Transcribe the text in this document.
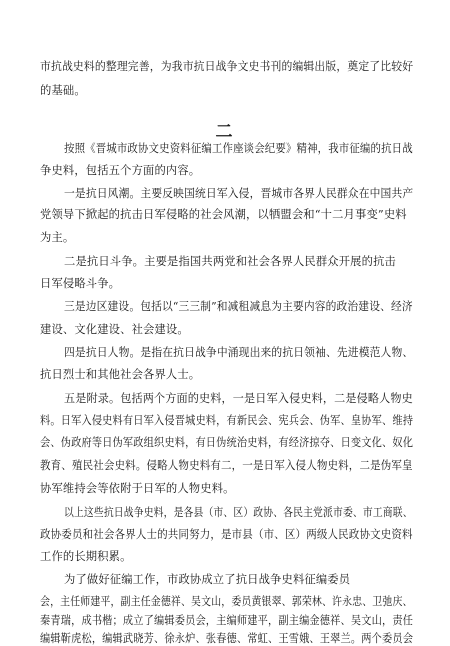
二
市抗战史料的整理完善，为我市抗日战争文史书刊的编辑出版，奠定了比较好
的基础。
按照《晋城市政协文史资料征编工作座谈会纪要》精神，我市征编的抗日战
争史料，包括五个方面的内容。
一是抗日风潮。主要反映国统日军入侵，晋城市各界人民群众在中国共产
党领导下掀起的抗击日军侵略的社会风潮，以牺盟会和“十二月事变”史料
为主。
二是抗日斗争。主要是指国共两党和社会各界人民群众开展的抗击
日军侵略斗争。
三是边区建设。包括以“三三制”和减租减息为主要内容的政治建设、经济
建设、文化建设、社会建设。
四是抗日人物。是指在抗日战争中涌现出来的抗日领袖、先进模范人物、
抗日烈士和其他社会各界人士。
五是附录。包括两个方面的史料，一是日军入侵史料，二是侵略人物史
料。日军入侵史料有日军入侵晋城史料，有新民会、宪兵会、伪军、皇协军、维持
会、伪政府等日伪军政组织史料，有日伪统治史料，有经济掠夺、日变文化、奴化
教育、殖民社会史料。侵略人物史料有二，一是日军入侵人物史料，二是伪军皇
协军维持会等依附于日军的人物史料。
以上这些抗日战争史料，是各县（市、区）政协、各民主党派市委、市工商联、
政协委员和社会各界人士的共同努力，是市县（市、区）两级人民政协文史资料
工作的长期积累。
为了做好征编工作，市政协成立了抗日战争史料征编委员
会，主任师建平，副主任金德祥、吴文山，委员黄银翠、郭荣林、许永忠、卫弛庆、
秦青瑞，成书楷；成立了编辑委员会，主编师建平，副主编金德祥、吴文山，责任
编辑靳虎松，编辑武晓芳、徐永炉、张春德、常虹、王雪娥、王翠兰。两个委员会
